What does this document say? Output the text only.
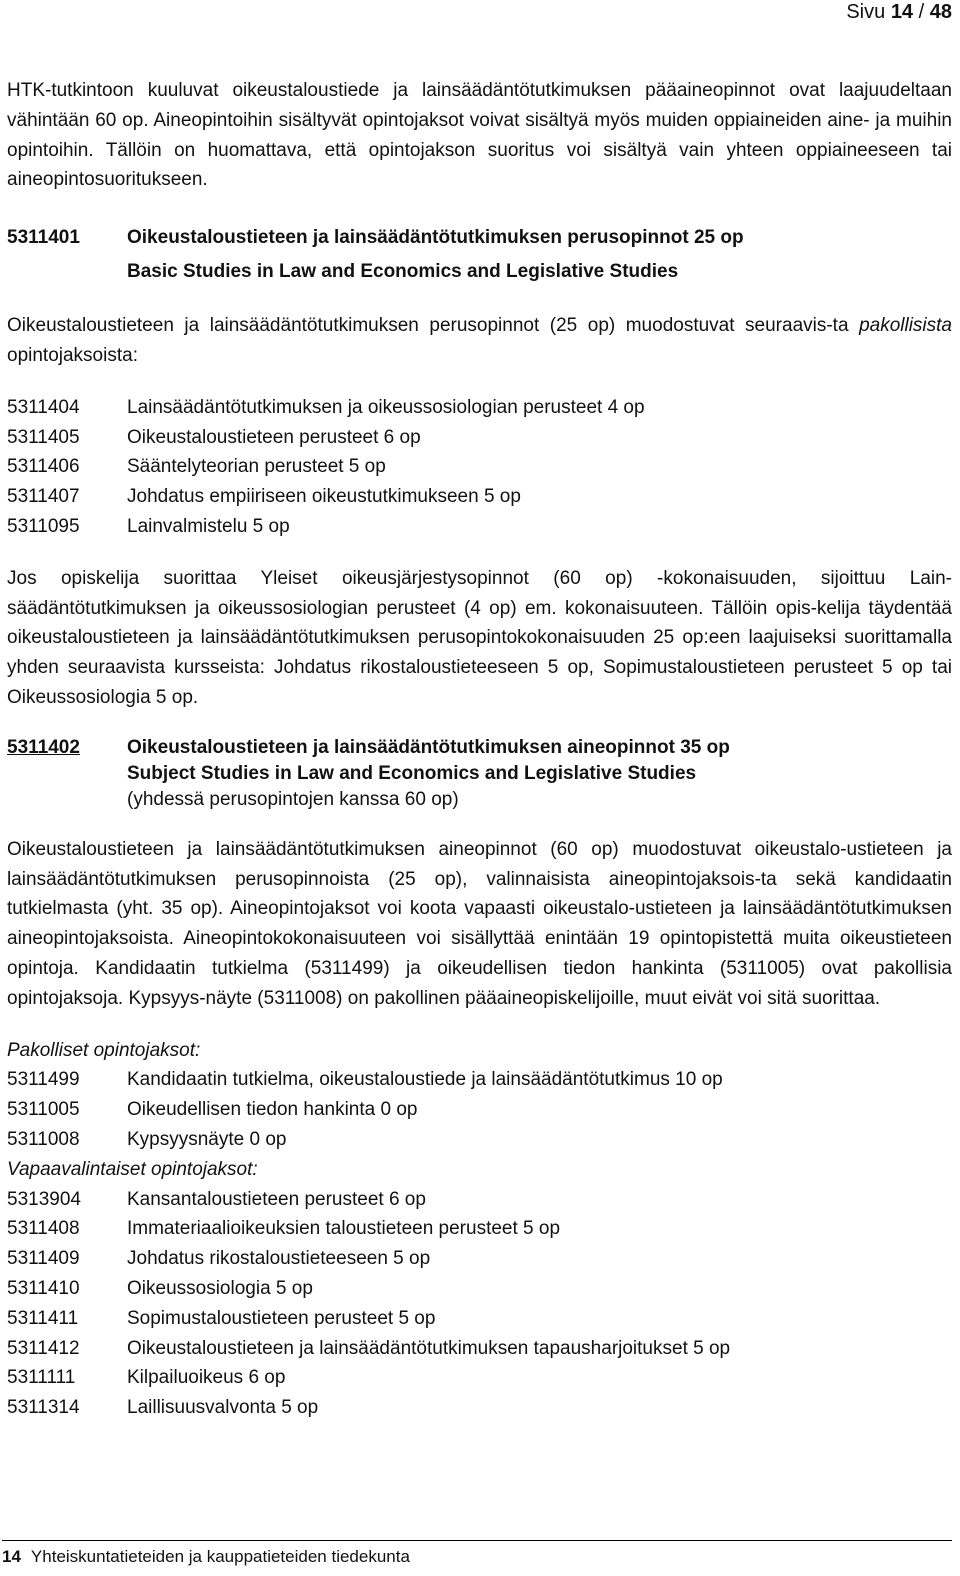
Sivu 14 / 48

HTK-tutkintoon kuuluvat oikeustaloustiede ja lainsäädäntötutkimuksen pääaineopinnot ovat laajuudeltaan vähintään 60 op. Aineopintoihin sisältyvät opintojaksot voivat sisältyä myös muiden oppiaineiden aine- ja muihin opintoihin. Tällöin on huomattava, että opintojakson suoritus voi sisältyä vain yhteen oppiaineeseen tai aineopintosuoritukseen.

5311401	Oikeustaloustieteen ja lainsäädäntötutkimuksen perusopinnot 25 op
Basic Studies in Law and Economics and Legislative Studies

Oikeustaloustieteen ja lainsäädäntötutkimuksen perusopinnot (25 op) muodostuvat seuraavis-ta pakollisista opintojaksoista:

5311404	Lainsäädäntötutkimuksen ja oikeussosiologian perusteet 4 op
5311405	Oikeustaloustieteen perusteet 6 op
5311406	Sääntelyteorian perusteet 5 op
5311407	Johdatus empiiriseen oikeustutkimukseen 5 op
5311095	Lainvalmistelu 5 op

Jos opiskelija suorittaa Yleiset oikeusjärjestysopinnot (60 op) -kokonaisuuden, sijoittuu Lain-säädäntötutkimuksen ja oikeussosiologian perusteet (4 op) em. kokonaisuuteen. Tällöin opis-kelija täydentää oikeustaloustieteen ja lainsäädäntötutkimuksen perusopintokokonaisuuden 25 op:een laajuiseksi suorittamalla yhden seuraavista kursseista: Johdatus rikostaloustieteeseen 5 op, Sopimustaloustieteen perusteet 5 op tai Oikeussosiologia 5 op.

5311402	Oikeustaloustieteen ja lainsäädäntötutkimuksen aineopinnot 35 op
Subject Studies in Law and Economics and Legislative Studies
(yhdessä perusopintojen kanssa 60 op)

Oikeustaloustieteen ja lainsäädäntötutkimuksen aineopinnot (60 op) muodostuvat oikeustalo-ustieteen ja lainsäädäntötutkimuksen perusopinnoista (25 op), valinnaisista aineopintojaksois-ta sekä kandidaatin tutkielmasta (yht. 35 op). Aineopintojaksot voi koota vapaasti oikeustalo-ustieteen ja lainsäädäntötutkimuksen aineopintojaksoista. Aineopintokokonaisuuteen voi sisällyttää enintään 19 opintopistettä muita oikeustieteen opintoja. Kandidaatin tutkielma (5311499) ja oikeudellisen tiedon hankinta (5311005) ovat pakollisia opintojaksoja. Kypsyys-näyte (5311008) on pakollinen pääaineopiskelijoille, muut eivät voi sitä suorittaa.

Pakolliset opintojaksot:
5311499	Kandidaatin tutkielma, oikeustaloustiede ja lainsäädäntötutkimus 10 op
5311005	Oikeudellisen tiedon hankinta 0 op
5311008	Kypsyysnäyte 0 op
Vapaavalintaiset opintojaksot:
5313904	Kansantaloustieteen perusteet 6 op
5311408	Immateriaalioikeuksien taloustieteen perusteet 5 op
5311409	Johdatus rikostaloustieteeseen 5 op
5311410	Oikeussosiologia 5 op
5311411	Sopimustaloustieteen perusteet 5 op
5311412	Oikeustaloustieteen ja lainsäädäntötutkimuksen tapausharjoitukset 5 op
5311111	Kilpailuoikeus 6 op
5311314	Laillisuusvalvonta 5 op
14 Yhteiskuntatieteiden ja kauppatieteiden tiedekunta
